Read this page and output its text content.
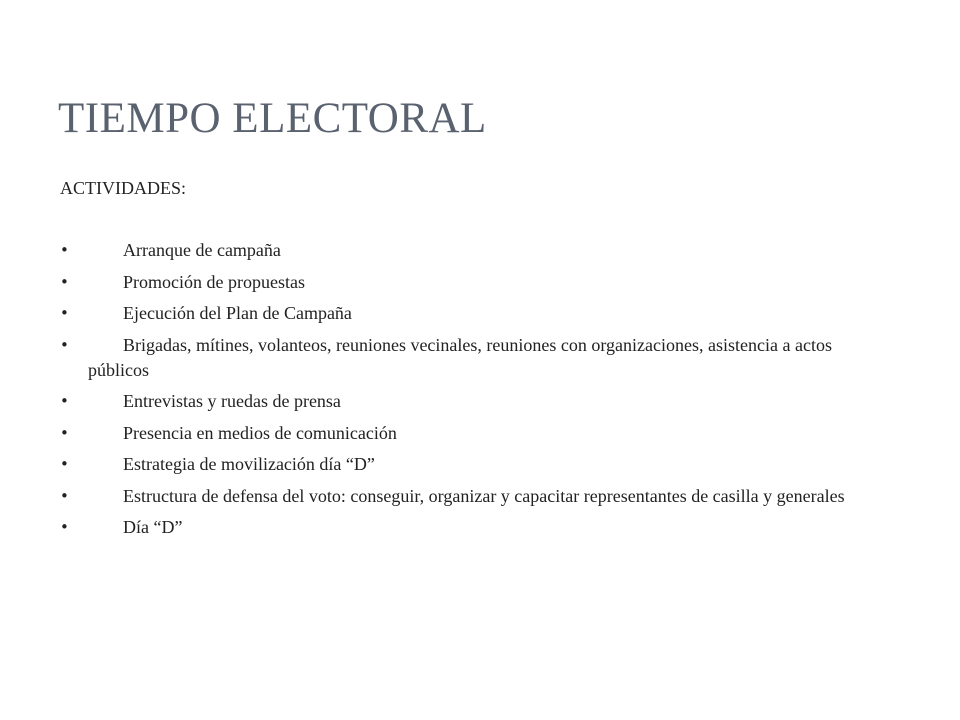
TIEMPO ELECTORAL

ACTIVIDADES:

•	Arranque de campaña
•	Promoción de propuestas
•	Ejecución del Plan de Campaña
•	Brigadas, mítines, volanteos, reuniones vecinales, reuniones con organizaciones, asistencia a actos públicos
•	Entrevistas y ruedas de prensa
•	Presencia en medios de comunicación
•	Estrategia de movilización día “D”
•	Estructura de defensa del voto: conseguir, organizar y capacitar representantes de casilla y generales
•	Día “D”
